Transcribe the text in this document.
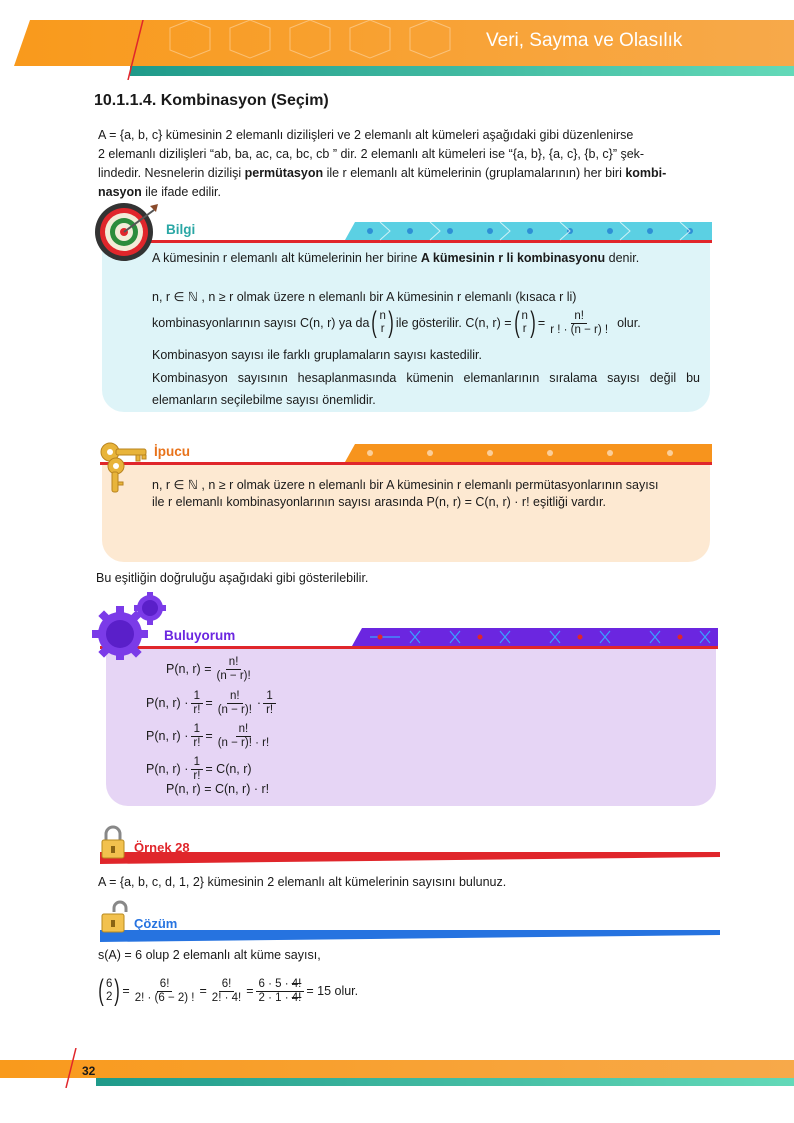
Veri, Sayma ve Olasılık
10.1.1.4. Kombinasyon (Seçim)
A = {a, b, c} kümesinin 2 elemanlı dizilişleri ve 2 elemanlı alt kümeleri aşağıdaki gibi düzenlenirse
2 elemanlı dizilişleri “ab, ba, ac, ca, bc, cb ” dir. 2 elemanlı alt kümeleri ise “{a, b}, {a, c}, {b, c}” şek-
lindedir. Nesnelerin dizilişi permütasyon ile r elemanlı alt kümelerinin (gruplamalarının) her biri kombi-
nasyon ile ifade edilir.
Bilgi
A kümesinin r elemanlı alt kümelerinin her birine A kümesinin r li kombinasyonu denir.
n, r ∈ ℕ , n ≥ r olmak üzere n elemanlı bir A kümesinin r elemanlı (kısaca r li)
kombinasyonlarının sayısı C(n, r) ya da ( n
r ) ile gösterilir. C(n, r) = ( n
r ) = $\frac{n!}{r ! \cdot (n - r) !}$ olur.
Kombinasyon sayısı ile farklı gruplamaların sayısı kastedilir.
Kombinasyon sayısının hesaplanmasında kümenin elemanlarının sıralama sayısı değil bu
elemanların seçilebilme sayısı önemlidir.
İpucu
n, r ∈ ℕ , n ≥ r olmak üzere n elemanlı bir A kümesinin r elemanlı permütasyonlarının sayısı
ile r elemanlı kombinasyonlarının sayısı arasında P(n, r) = C(n, r) · r! eşitliği vardır.
Bu eşitliğin doğruluğu aşağıdaki gibi gösterilebilir.
Buluyorum
P(n, $r) = \frac{n!}{(n - r)!}$
P(n, $r) \cdot \frac{1}{r!} = \frac{n!}{(n - r)!} \cdot \frac{1}{r!}$
P(n, $r) \cdot \frac{1}{r!} = \frac{n!}{(n - r)! \cdot r!}$
P(n, $r) \cdot \frac{1}{r!} = C(n$, r)
P(n, r) = C(n, r) · r!
Örnek 28
A = {a, b, c, d, 1, 2} kümesinin 2 elemanlı alt kümelerinin sayısını bulunuz.
Çözüm
s(A) = 6 olup 2 elemanlı alt küme sayısı,
( 6
2 ) = $\frac{6!}{2! \cdot (6 - 2) !} = \frac{6!}{2! \cdot 4!} = \frac{6 \cdot 5 \cdot 4!}{2 \cdot 1 \cdot 4!} = 15$ olur.
32
